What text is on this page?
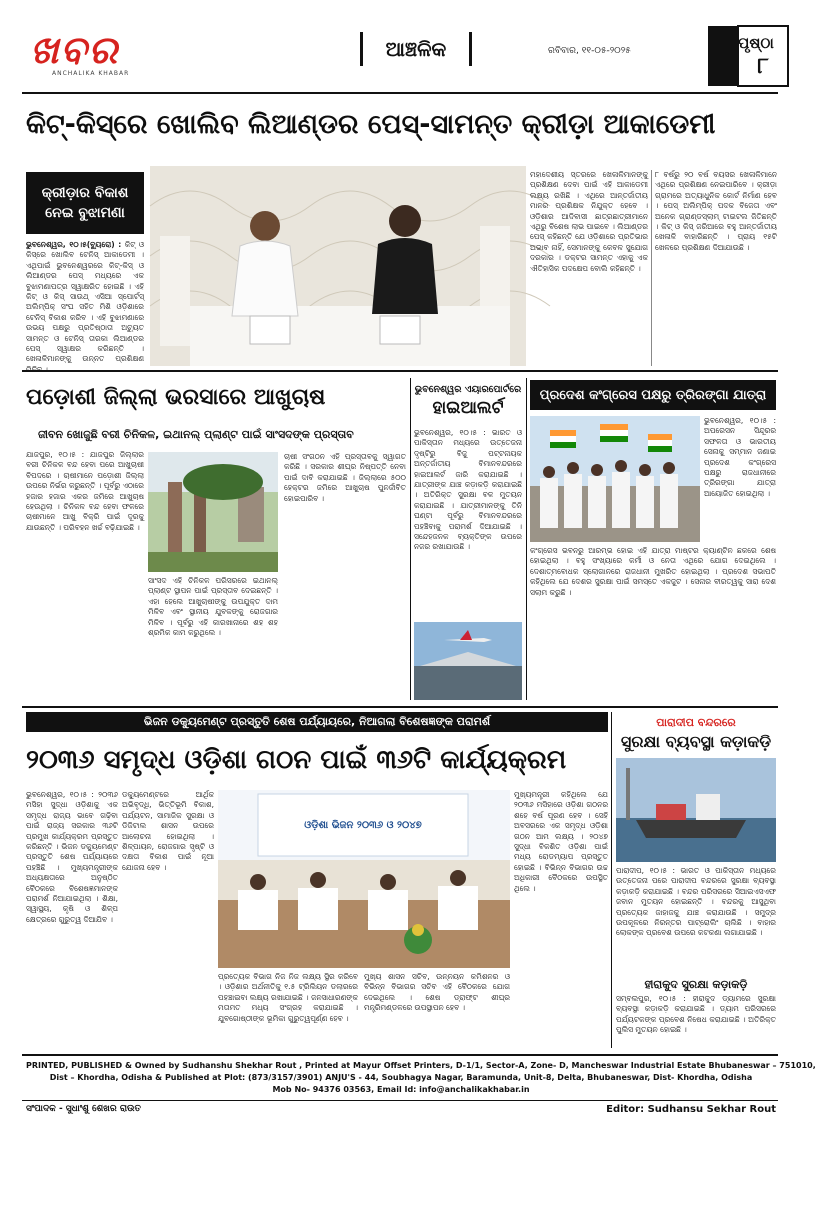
ଖବର
ANCHALIKA KHABAR
ଆଞ୍ଚଳିକ	ରବିବାର, ୧୧-୦୫-୨୦୨୫	ପୃଷ୍ଠା
୮
କିଟ୍-କିସ୍‌ରେ ଖୋଲିବ ଲିଆଣ୍ଡର ପେସ୍-ସାମନ୍ତ କ୍ରୀଡ଼ା ଆକାଡେମୀ
କ୍ରୀଡ଼ାର ବିକାଶ ନେଇ ବୁଝାମଣା
ଭୁବନେଶ୍ୱର, ୧୦।୫(ବ୍ୟୁରୋ) : କିଟ୍ ଓ କିସ୍‌ରେ ଖୋଲିବ ଟେନିସ୍ ଆକାଡେମୀ । ଏଥିପାଇଁ ଭୁବନେଶ୍ୱରରେ କିଟ୍-କିସ୍ ଓ ଲିଆଣ୍ଡର ପେସ୍ ମଧ୍ୟରେ ଏକ ବୁଝାମଣାପତ୍ର ସ୍ୱାକ୍ଷରିତ ହୋଇଛି । ଏହି କିଟ୍ ଓ କିସ୍ ସାଉଥ୍ ଏସିଆ ସ୍ପୋର୍ଟସ୍ ଅଲିମ୍ପିକ୍ ସଂଘ ସହିତ ମିଶି ଓଡ଼ିଶାରେ ଟେନିସ୍ ବିକାଶ କରିବ । ଏହି ବୁଝାମଣାରେ ଉଭୟ ପକ୍ଷରୁ ପ୍ରତିଷ୍ଠାତା ଅଚ୍ୟୁତ ସାମନ୍ତ ଓ ଟେନିସ୍ ତାରକା ଲିଆଣ୍ଡର ପେସ୍ ସ୍ୱାକ୍ଷର କରିଛନ୍ତି । ଖେଳାଳିମାନଙ୍କୁ ଉନ୍ନତ ପ୍ରଶିକ୍ଷଣ
ମହାଦେଶୀୟ ସ୍ତରରେ ଖେଳାଳିମାନଙ୍କୁ ପ୍ରଶିକ୍ଷଣ ଦେବା ପାଇଁ ଏହି ଆକାଡେମୀ ଲକ୍ଷ୍ୟ ରଖିଛି । ଏଥିରେ ଆନ୍ତର୍ଜାତୀୟ ମାନର ପ୍ରଶିକ୍ଷକ ନିଯୁକ୍ତ ହେବେ । ଓଡ଼ିଶାର ଆଦିବାସୀ ଛାତ୍ରଛାତ୍ରୀମାନେ ଏଥିରୁ ବିଶେଷ ଲାଭ ପାଇବେ । ଲିଆଣ୍ଡର ପେସ୍ କହିଛନ୍ତି ଯେ ଓଡ଼ିଶାରେ ପ୍ରତିଭାର ଅଭାବ ନାହିଁ, ସେମାନଙ୍କୁ କେବଳ ସୁଯୋଗ ଦରକାର । ଡକ୍ଟର ସାମନ୍ତ ଏହାକୁ ଏକ ଐତିହାସିକ ପଦକ୍ଷେପ ବୋଲି କହିଛନ୍ତି ।
୮ ବର୍ଷରୁ ୨୦ ବର୍ଷ ବୟସର ଖେଳାଳିମାନେ ଏଥିରେ ପ୍ରଶିକ୍ଷଣ ନେଇପାରିବେ । କ୍ରୀଡ଼ା ଗ୍ରାମରେ ଅତ୍ୟାଧୁନିକ କୋର୍ଟ ନିର୍ମାଣ ହେବ । ପେସ୍ ଅଲିମ୍ପିକ୍ ପଦକ ବିଜେତା ଏବଂ ଅନେକ ଗ୍ରାଣ୍ଡସ୍ଲାମ୍ ଟାଇଟଲ ଜିତିଛନ୍ତି । କିଟ୍ ଓ କିସ୍ ଜରିଆରେ ବହୁ ଆନ୍ତର୍ଜାତୀୟ ଖେଳାଳି ବାହାରିଛନ୍ତି । ପ୍ରାୟ ୧୫ଟି ଖେଳରେ ପ୍ରଶିକ୍ଷଣ ଦିଆଯାଉଛି ।
ପଡ଼ୋଶୀ ଜିଲ୍ଲା ଭରସାରେ ଆଖୁଚାଷ
ଜୀବନ ଖୋଜୁଛି ବରୀ ଚିନିକଳ, ଇଥାନଲ୍ ପ୍ଲାଣ୍ଟ ପାଇଁ ସାଂସଦଙ୍କ ପ୍ରସ୍ତାବ
ଯାଜପୁର, ୧୦।୫ : ଯାଜପୁର ଜିଲ୍ଲାର ବରୀ ଚିନିକଳ ବନ୍ଦ ହେବା ପରେ ଆଖୁଚାଷୀ ବିପଦରେ । ଚାଷୀମାନେ ପଡ଼ୋଶୀ ଜିଲ୍ଲା ଉପରେ ନିର୍ଭର କରୁଛନ୍ତି । ପୂର୍ବରୁ ଏଠାରେ ହଜାର ହଜାର ଏକର ଜମିରେ ଆଖୁଚାଷ ହେଉଥିଲା । ଚିନିକଳ ବନ୍ଦ ହେବା ଫଳରେ ଚାଷୀମାନେ ଆଖୁ ବିକ୍ରି ପାଇଁ ଦୂରକୁ ଯାଉଛନ୍ତି । ପରିବହନ ଖର୍ଚ୍ଚ ବଢ଼ିଯାଇଛି ।
ସାଂସଦ ଏହି ଚିନିକଳ ପରିସରରେ ଇଥାନଲ୍ ପ୍ଲାଣ୍ଟ ସ୍ଥାପନ ପାଇଁ ପ୍ରସ୍ତାବ ଦେଇଛନ୍ତି । ଏହା ହେଲେ ଆଖୁଚାଷୀଙ୍କୁ ଉପଯୁକ୍ତ ଦାମ ମିଳିବ ଏବଂ ସ୍ଥାନୀୟ ଯୁବକଙ୍କୁ ରୋଜଗାର ମିଳିବ । ପୂର୍ବରୁ ଏହି କାରଖାନାରେ ଶହ ଶହ ଶ୍ରମିକ କାମ କରୁଥିଲେ ।
ଚାଷୀ ସଂଗଠନ ଏହି ପ୍ରସ୍ତାବକୁ ସ୍ୱାଗତ କରିଛି । ସରକାର ଶୀଘ୍ର ନିଷ୍ପତ୍ତି ନେବା ପାଇଁ ଦାବି କରାଯାଇଛି । ଜିଲ୍ଲାରେ ୫୦୦ ହେକ୍ଟର ଜମିରେ ଆଖୁଚାଷ ପୁନର୍ଜୀବିତ ହୋଇପାରିବ ।
ଭୁବନେଶ୍ୱର ଏୟାରପୋର୍ଟରେ
ହାଇଆଲର୍ଟ
ଭୁବନେଶ୍ୱର, ୧୦।୫ : ଭାରତ ଓ ପାକିସ୍ତାନ ମଧ୍ୟରେ ଉତ୍ତେଜନା ଦୃଷ୍ଟିରୁ ବିଜୁ ପଟ୍ଟନାୟକ ଅନ୍ତର୍ଜାତୀୟ ବିମାନବନ୍ଦରରେ ହାଇଆଲର୍ଟ ଜାରି କରାଯାଇଛି । ଯାତ୍ରୀଙ୍କ ଯାଞ୍ଚ କଡ଼ାକଡ଼ି କରାଯାଇଛି । ଅତିରିକ୍ତ ସୁରକ୍ଷା ବଳ ମୁତୟନ କରାଯାଇଛି । ଯାତ୍ରୀମାନଙ୍କୁ ତିନି ଘଣ୍ଟା ପୂର୍ବରୁ ବିମାନବନ୍ଦରରେ ପହଞ୍ଚିବାକୁ ପରାମର୍ଶ ଦିଆଯାଇଛି । ସନ୍ଦେହଜନକ ବ୍ୟକ୍ତିଙ୍କ ଉପରେ ନଜର ରଖାଯାଉଛି ।
ପ୍ରଦେଶ କଂଗ୍ରେସ ପକ୍ଷରୁ ତ୍ରିରଙ୍ଗା ଯାତ୍ରା
ଭୁବନେଶ୍ୱର, ୧୦।୫ : ଅପରେସନ ସିନ୍ଦୂରର ସଫଳତା ଓ ଭାରତୀୟ ସେନାକୁ ସମ୍ମାନ ଜଣାଇ ପ୍ରଦେଶ କଂଗ୍ରେସ ପକ୍ଷରୁ ରାଜଧାନୀରେ ତ୍ରିରଙ୍ଗା ଯାତ୍ରା ଆୟୋଜିତ ହୋଇଥିଲା ।
କଂଗ୍ରେସ ଭବନରୁ ଆରମ୍ଭ ହୋଇ ଏହି ଯାତ୍ରା ମାଷ୍ଟର କ୍ୟାଣ୍ଟିନ ଛକରେ ଶେଷ ହୋଇଥିଲା । ବହୁ ସଂଖ୍ୟାରେ କର୍ମୀ ଓ ନେତା ଏଥିରେ ଯୋଗ ଦେଇଥିଲେ । ଦେଶାତ୍ମବୋଧକ ସ୍ଲୋଗାନରେ ରାଜଧାନୀ ମୁଖରିତ ହୋଇଥିଲା । ପ୍ରଦେଶ ସଭାପତି କହିଥିଲେ ଯେ ଦେଶର ସୁରକ୍ଷା ପାଇଁ ସମସ୍ତେ ଏକଜୁଟ । ସେନାର ବୀରତ୍ୱକୁ ସାରା ଦେଶ ସଲାମ କରୁଛି ।
ଭିଜନ ଡକ୍ୟୁମେଣ୍ଟ ପ୍ରସ୍ତୁତି ଶେଷ ପର୍ଯ୍ୟାୟରେ, ନିଆଗଲା ବିଶେଷଜ୍ଞଙ୍କ ପରାମର୍ଶ
୨୦୩୬ ସମୃଦ୍ଧ ଓଡ଼ିଶା ଗଠନ ପାଇଁ ୩୬ଟି କାର୍ଯ୍ୟକ୍ରମ
ଭୁବନେଶ୍ୱର, ୧୦।୫ : ୨୦୩୬ ମସିହା ସୁଦ୍ଧା ଓଡ଼ିଶାକୁ ଏକ ସମୃଦ୍ଧ ରାଜ୍ୟ ଭାବେ ଗଢ଼ିବା ପାଇଁ ରାଜ୍ୟ ସରକାର ୩୬ଟି ପ୍ରମୁଖ କାର୍ଯ୍ୟକ୍ରମ ପ୍ରସ୍ତୁତ କରିଛନ୍ତି । ଭିଜନ ଡକ୍ୟୁମେଣ୍ଟ ପ୍ରସ୍ତୁତି ଶେଷ ପର୍ଯ୍ୟାୟରେ ପହଞ୍ଚିଛି । ମୁଖ୍ୟମନ୍ତ୍ରୀଙ୍କ ଅଧ୍ୟକ୍ଷତାରେ ଅନୁଷ୍ଠିତ ବୈଠକରେ ବିଶେଷଜ୍ଞମାନଙ୍କ ପରାମର୍ଶ ନିଆଯାଇଥିଲା । ଶିକ୍ଷା, ସ୍ୱାସ୍ଥ୍ୟ, କୃଷି ଓ ଶିଳ୍ପ କ୍ଷେତ୍ରରେ ଗୁରୁତ୍ୱ ଦିଆଯିବ ।
ଡକ୍ୟୁମେଣ୍ଟରେ ଆର୍ଥିକ ଅଭିବୃଦ୍ଧି, ଭିତ୍ତିଭୂମି ବିକାଶ, ପର୍ଯ୍ୟଟନ, ସାମାଜିକ ସୁରକ୍ଷା ଓ ଡିଜିଟାଲ ଶାସନ ଉପରେ ଆଲୋଚନା ହୋଇଥିଲା । ଶିଳ୍ପାୟନ, ରୋଜଗାର ସୃଷ୍ଟି ଓ ଦକ୍ଷତା ବିକାଶ ପାଇଁ ନୂଆ ଯୋଜନା ହେବ ।
ଓଡ଼ିଶା ଭିଜନ ୨୦୩୬ ଓ ୨୦୪୭
ପ୍ରତ୍ୟେକ ବିଭାଗ ନିଜ ନିଜ ଲକ୍ଷ୍ୟ ସ୍ଥିର କରିବେ । ଓଡ଼ିଶାର ଅର୍ଥନୀତିକୁ ୧.୫ ଟ୍ରିଲିୟନ ଡଲାରରେ ପହଞ୍ଚାଇବା ଲକ୍ଷ୍ୟ ରଖାଯାଇଛି । ଜନସାଧାରଣଙ୍କ ମତାମତ ମଧ୍ୟ ସଂଗ୍ରହ କରାଯାଇଛି । ଯୁବଗୋଷ୍ଠୀଙ୍କ ଭୂମିକା ଗୁରୁତ୍ୱପୂର୍ଣ୍ଣ ହେବ ।
ମୁଖ୍ୟମନ୍ତ୍ରୀ କହିଥିଲେ ଯେ ୨୦୩୬ ମସିହାରେ ଓଡ଼ିଶା ଗଠନର ଶହେ ବର୍ଷ ପୂରଣ ହେବ । ସେହି ଅବସରରେ ଏକ ସମୃଦ୍ଧ ଓଡ଼ିଶା ଗଠନ ଆମ ଲକ୍ଷ୍ୟ । ୨୦୪୭ ସୁଦ୍ଧା ବିକଶିତ ଓଡ଼ିଶା ପାଇଁ ମଧ୍ୟ ରୋଡମ୍ୟାପ ପ୍ରସ୍ତୁତ ହୋଇଛି । ବିଭିନ୍ନ ବିଭାଗର ଉଚ୍ଚ ଅଧିକାରୀ ବୈଠକରେ ଉପସ୍ଥିତ ଥିଲେ ।
ମୁଖ୍ୟ ଶାସନ ସଚିବ, ଉନ୍ନୟନ କମିଶନର ଓ ବିଭିନ୍ନ ବିଭାଗର ସଚିବ ଏହି ବୈଠକରେ ଯୋଗ ଦେଇଥିଲେ । ଶେଷ ଡ୍ରାଫ୍ଟ ଶୀଘ୍ର ମନ୍ତ୍ରିମଣ୍ଡଳରେ ଉପସ୍ଥାପନ ହେବ ।
ପାରାଦୀପ ବନ୍ଦରରେ
ସୁରକ୍ଷା ବ୍ୟବସ୍ଥା କଡ଼ାକଡ଼ି
ପାରାଦୀପ, ୧୦।୫ : ଭାରତ ଓ ପାକିସ୍ତାନ ମଧ୍ୟରେ ଉତ୍ତେଜନା ପରେ ପାରାଦୀପ ବନ୍ଦରରେ ସୁରକ୍ଷା ବ୍ୟବସ୍ଥା କଡ଼ାକଡ଼ି କରାଯାଇଛି । ବନ୍ଦର ପରିସରରେ ସିଆଇଏସଏଫ ଜବାନ ମୁତୟନ ହୋଇଛନ୍ତି । ବନ୍ଦରକୁ ଆସୁଥିବା ପ୍ରତ୍ୟେକ ଜାହାଜକୁ ଯାଞ୍ଚ କରାଯାଉଛି । ସମୁଦ୍ର ଉପକୂଳରେ ନିରନ୍ତର ପାଟ୍ରୋଲିଂ ଚାଲିଛି । ବାହାର ଲୋକଙ୍କ ପ୍ରବେଶ ଉପରେ କଟକଣା ଲଗାଯାଇଛି ।
ହୀରାକୁଦ ସୁରକ୍ଷା କଡ଼ାକଡ଼ି
ସମ୍ବଲପୁର, ୧୦।୫ : ହୀରାକୁଦ ଡ୍ୟାମରେ ସୁରକ୍ଷା ବ୍ୟବସ୍ଥା କଡ଼ାକଡ଼ି କରାଯାଇଛି । ଡ୍ୟାମ ପରିସରରେ ପର୍ଯ୍ୟଟକଙ୍କ ପ୍ରବେଶ ନିଷେଧ କରାଯାଇଛି । ଅତିରିକ୍ତ ପୁଲିସ ମୁତୟନ ହୋଇଛି ।
PRINTED, PUBLISHED & Owned by Sudhanshu Shekhar Rout , Printed at Mayur Offset Printers, D-1/1, Sector-A, Zone- D, Mancheswar Industrial Estate Bhubaneswar – 751010,
Dist – Khordha, Odisha & Published at Plot: (873/3157/3901) ANJU'S - 44, Soubhagya Nagar, Baramunda, Unit-8, Delta, Bhubaneswar, Dist- Khordha, Odisha
Mob No- 94376 03563, Email Id: info@anchalikakhabar.in
ସଂପାଦକ - ସୁଧାଂଶୁ ଶେଖର ରାଉତ	Editor: Sudhansu Sekhar Rout
